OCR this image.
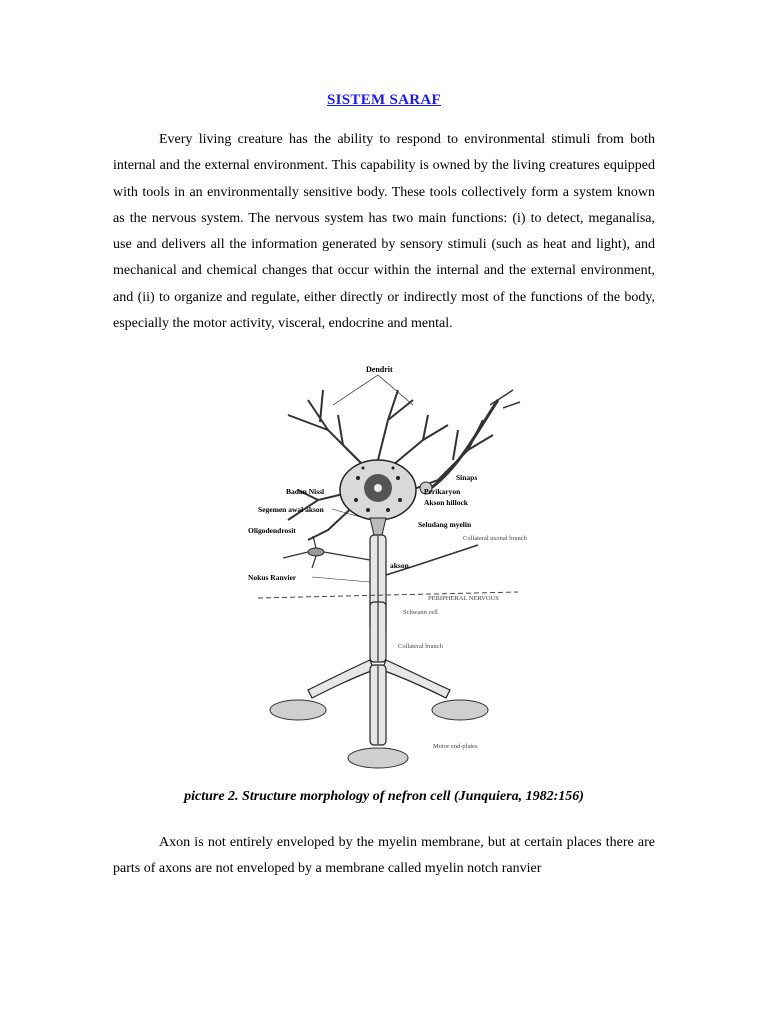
SISTEM SARAF

Every living creature has the ability to respond to environmental stimuli from both internal and the external environment. This capability is owned by the living creatures equipped with tools in an environmentally sensitive body. These tools collectively form a system known as the nervous system. The nervous system has two main functions: (i) to detect, meganalisa, use and delivers all the information generated by sensory stimuli (such as heat and light), and mechanical and chemical changes that occur within the internal and the external environment, and (ii) to organize and regulate, either directly or indirectly most of the functions of the body, especially the motor activity, visceral, endocrine and mental.

Dendrit
Sinaps
Perikaryon
Badan Nissl
Akson hillock
Segemen awal akson
Seludang myelin
Oligodendrosit
Collateral axonal branch
akson
Nokus Ranvier
PERIPHERAL NERVOUS
Schwann cell
Collateral branch
Motor end-plates
picture 2. Structure morphology of nefron cell (Junquiera, 1982:156)

Axon is not entirely enveloped by the myelin membrane, but at certain places there are parts of axons are not enveloped by a membrane called myelin notch ranvier
